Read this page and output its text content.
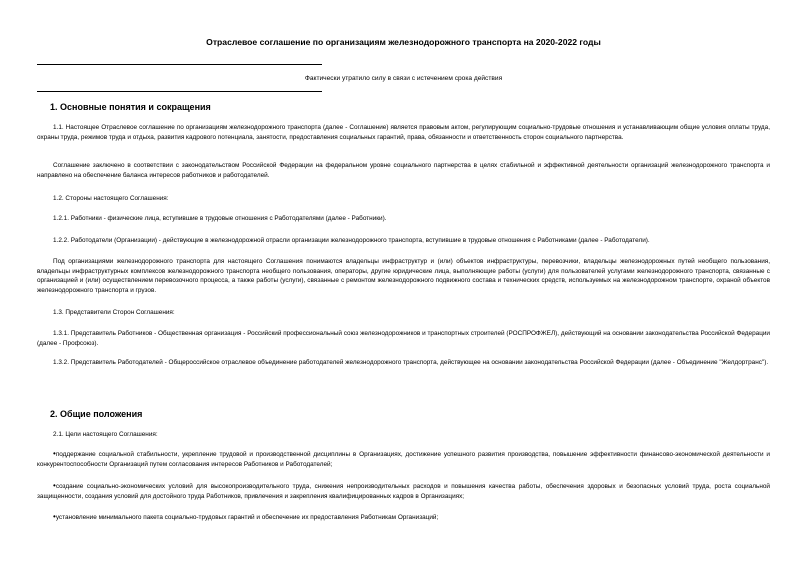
Отраслевое соглашение по организациям железнодорожного транспорта на 2020-2022 годы
Фактически утратило силу в связи с истечением срока действия
1. Основные понятия и сокращения

1.1. Настоящее Отраслевое соглашение по организациям железнодорожного транспорта (далее - Соглашение) является правовым актом, регулирующим социально-трудовые отношения и устанавливающим общие условия оплаты труда, охраны труда, режимов труда и отдыха, развития кадрового потенциала, занятости, предоставления социальных гарантий, права, обязанности и ответственность сторон социального партнерства.

Соглашение заключено в соответствии с законодательством Российской Федерации на федеральном уровне социального партнерства в целях стабильной и эффективной деятельности организаций железнодорожного транспорта и направлено на обеспечение баланса интересов работников и работодателей.

1.2. Стороны настоящего Соглашения:

1.2.1. Работники - физические лица, вступившие в трудовые отношения с Работодателями (далее - Работники).

1.2.2. Работодатели (Организации) - действующие в железнодорожной отрасли организации железнодорожного транспорта, вступившие в трудовые отношения с Работниками (далее - Работодатели).

Под организациями железнодорожного транспорта для настоящего Соглашения понимаются владельцы инфраструктур и (или) объектов инфраструктуры, перевозчики, владельцы железнодорожных путей необщего пользования, владельцы инфраструктурных комплексов железнодорожного транспорта необщего пользования, операторы, другие юридические лица, выполняющие работы (услуги) для пользователей услугами железнодорожного транспорта, связанные с организацией и (или) осуществлением перевозочного процесса, а также работы (услуги), связанные с ремонтом железнодорожного подвижного состава и технических средств, используемых на железнодорожном транспорте, охраной объектов железнодорожного транспорта и грузов.

1.3. Представители Сторон Соглашения:

1.3.1. Представитель Работников - Общественная организация - Российский профессиональный союз железнодорожников и транспортных строителей (РОСПРОФЖЕЛ), действующий на основании законодательства Российской Федерации (далее - Профсоюз).

1.3.2. Представитель Работодателей - Общероссийское отраслевое объединение работодателей железнодорожного транспорта, действующее на основании законодательства Российской Федерации (далее - Объединение "Желдортранс").

2. Общие положения

2.1. Цели настоящего Соглашения:

•поддержание социальной стабильности, укрепление трудовой и производственной дисциплины в Организациях, достижение успешного развития производства, повышение эффективности финансово-экономической деятельности и конкурентоспособности Организаций путем согласования интересов Работников и Работодателей;

•создание социально-экономических условий для высокопроизводительного труда, снижения непроизводительных расходов и повышения качества работы, обеспечения здоровых и безопасных условий труда, роста социальной защищенности, создания условий для достойного труда Работников, привлечения и закрепления квалифицированных кадров в Организациях;

•установление минимального пакета социально-трудовых гарантий и обеспечение их предоставления Работникам Организаций;
